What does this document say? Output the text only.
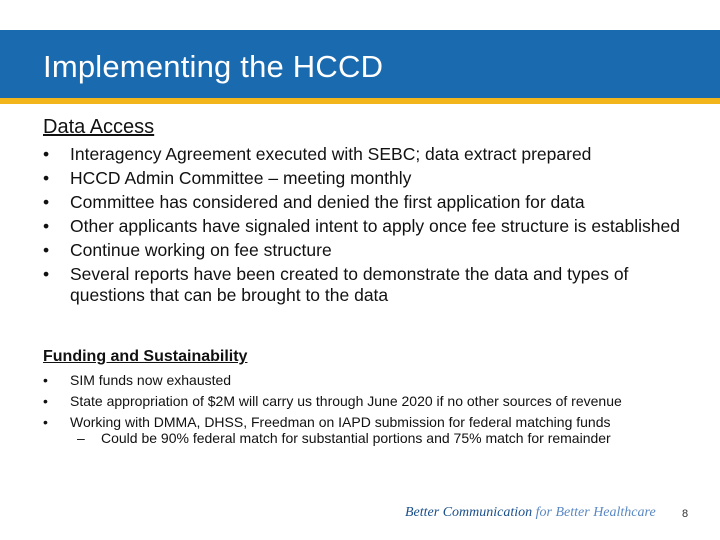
Implementing the HCCD
Data Access
• Interagency Agreement executed with SEBC; data extract prepared
• HCCD Admin Committee – meeting monthly
• Committee has considered and denied the first application for data
• Other applicants have signaled intent to apply once fee structure is established
• Continue working on fee structure
• Several reports have been created to demonstrate the data and types of questions that can be brought to the data
Funding and Sustainability
• SIM funds now exhausted
• State appropriation of $2M will carry us through June 2020 if no other sources of revenue
• Working with DMMA, DHSS, Freedman on IAPD submission for federal matching funds
– Could be 90% federal match for substantial portions and 75% match for remainder
Better Communication for Better Healthcare 8
